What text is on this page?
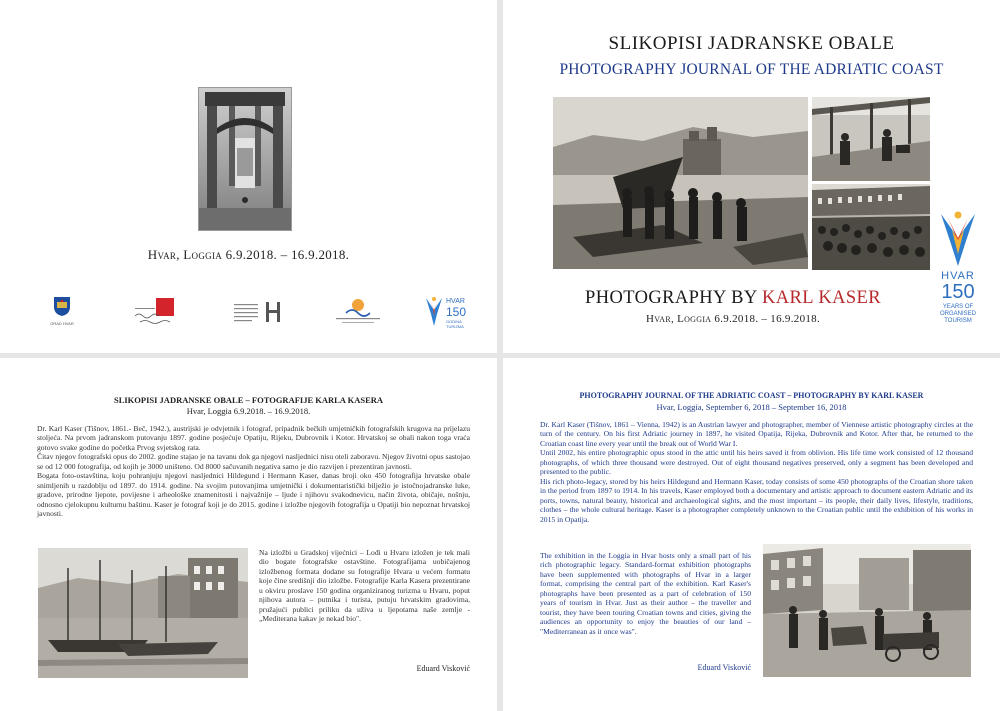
Hvar, Loggia 6.9.2018. – 16.9.2018.
GRAD HVAR
HVAR
150
GODINA
TURIZMA
SLIKOPISI JADRANSKE OBALE
PHOTOGRAPHY JOURNAL OF THE ADRIATIC COAST
HVAR
150
YEARS OF
ORGANISED
TOURISM
PHOTOGRAPHY BY KARL KASER
Hvar, Loggia 6.9.2018. – 16.9.2018.
SLIKOPISI JADRANSKE OBALE – FOTOGRAFIJE KARLA KASERA
Hvar, Loggia 6.9.2018. – 16.9.2018.

Dr. Karl Kaser (Tišnov, 1861.- Beč, 1942.), austrijski je odvjetnik i fotograf, pripadnik bečkih umjetničkih fotografskih krugova na prijelazu stoljeća. Na prvom jadranskom putovanju 1897. godine posjećuje Opatiju, Rijeku, Dubrovnik i Kotor. Hrvatskoj se obali nakon toga vraća gotovo svake godine do početka Prvog svjetskog rata.

Čitav njegov fotografski opus do 2002. godine stajao je na tavanu dok ga njegovi nasljednici nisu oteli zaboravu. Njegov životni opus sastojao se od 12 000 fotografija, od kojih je 3000 uništeno. Od 8000 sačuvanih negativa samo je dio razvijen i prezentiran javnosti.

Bogata foto-ostavština, koju pohranjuju njegovi nasljednici Hildegund i Hermann Kaser, danas broji oko 450 fotografija hrvatske obale snimljenih u razdoblju od 1897. do 1914. godine. Na svojim putovanjima umjetnički i dokumentaristički bilježio je istočnojadranske luke, gradove, prirodne ljepote, povijesne i arheološke znamenitosti i najvažnije – ljude i njihovu svakodnevicu, način života, običaje, nošnju, odnosno cjelokupnu kulturnu baštinu. Kaser je fotograf koji je do 2015. godine i izložbe njegovih fotografija u Opatiji bio nepoznat hrvatskoj javnosti.

Na izložbi u Gradskoj vijećnici – Lođi u Hvaru izložen je tek mali dio bogate fotografske ostavštine. Fotografijama uobičajenog izložbenog formata dodane su fotografije Hvara u većem formatu koje čine središnji dio izložbe. Fotografije Karla Kasera prezentirane u okviru proslave 150 godina organiziranog turizma u Hvaru, poput njihova autora – putnika i turista, putuju hrvatskim gradovima, pružajući publici priliku da uživa u ljepotama naše zemlje - „Mediterana kakav je nekad bio".

Eduard Visković
PHOTOGRAPHY JOURNAL OF THE ADRIATIC COAST – PHOTOGRAPHY BY KARL KASER
Hvar, Loggia, September 6, 2018 – September 16, 2018

Dr. Karl Kaser (Tišnov, 1861 – Vienna, 1942) is an Austrian lawyer and photographer, member of Viennese artistic photography circles at the turn of the century. On his first Adriatic journey in 1897, he visited Opatija, Rijeka, Dubrovnik and Kotor. After that, he returned to the Croatian coast line every year until the break out of World War I.

Until 2002, his entire photographic opus stood in the attic until his heirs saved it from oblivion. His life time work consisted of 12 thousand photographs, of which three thousand were destroyed. Out of eight thousand negatives preserved, only a segment has been developed and presented to the public.

His rich photo-legacy, stored by his heirs Hildegund and Hermann Kaser, today consists of some 450 photographs of the Croatian shore taken in the period from 1897 to 1914. In his travels, Kaser employed both a documentary and artistic approach to document eastern Adriatic and its ports, towns, natural beauty, historical and archaeological sights, and the most important – its people, their daily lives, lifestyle, traditions, clothes – the whole cultural heritage. Kaser is a photographer completely unknown to the Croatian public until the exhibition of his works in 2015 in Opatija.

The exhibition in the Loggia in Hvar hosts only a small part of his rich photographic legacy. Standard-format exhibition photographs have been supplemented with photographs of Hvar in a larger format, comprising the central part of the exhibition. Karl Kaser's photographs have been presented as a part of celebration of 150 years of tourism in Hvar. Just as their author – the traveller and tourist, they have been touring Croatian towns and cities, giving the audiences an opportunity to enjoy the beauties of our land – "Mediterranean as it once was".

Eduard Visković
